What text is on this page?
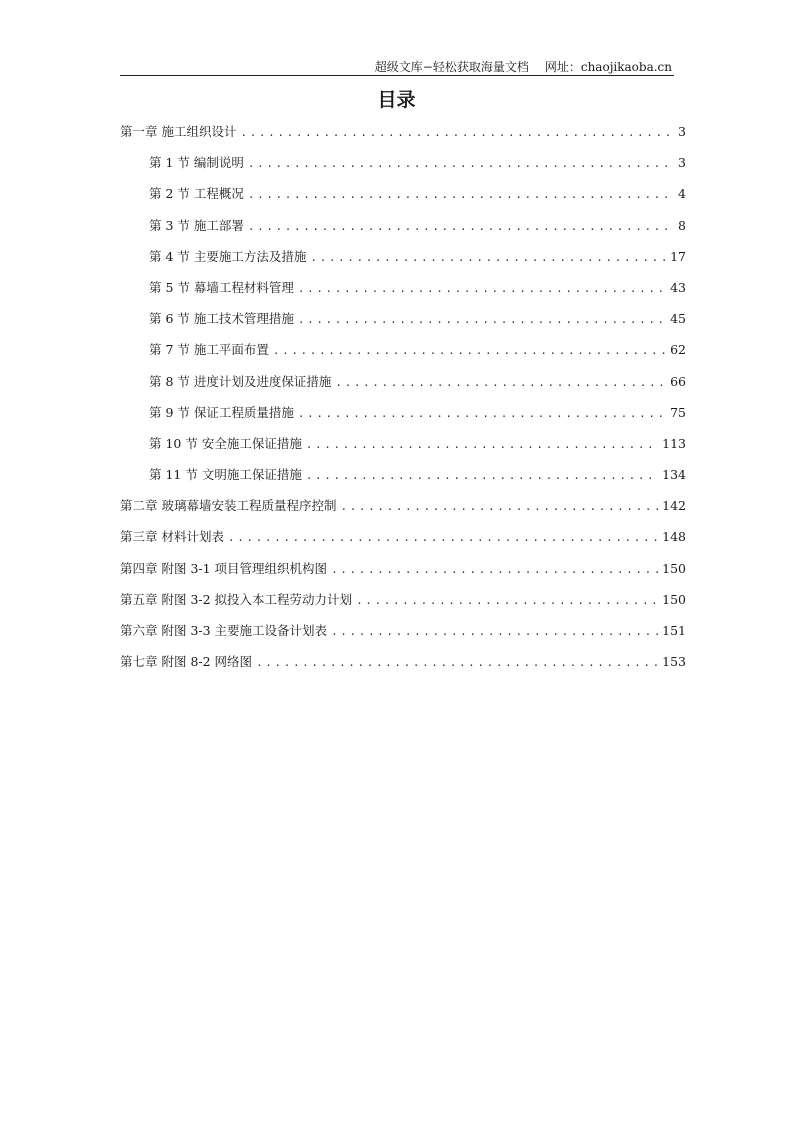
超级文库−轻松获取海量文档 网址：chaojikaoba.cn
目录
第一章 施工组织设计 .....	3
第 1 节 编制说明 .....	3
第 2 节 工程概况 .....	4
第 3 节 施工部署 .....	8
第 4 节 主要施工方法及措施 .....	17
第 5 节 幕墙工程材料管理 .....	43
第 6 节 施工技术管理措施 .....	45
第 7 节 施工平面布置 .....	62
第 8 节 进度计划及进度保证措施 .....	66
第 9 节 保证工程质量措施 .....	75
第 10 节 安全施工保证措施 .....	113
第 11 节 文明施工保证措施 .....	134
第二章 玻璃幕墙安装工程质量程序控制 .....	142
第三章 材料计划表 .....	148
第四章 附图 3-1 项目管理组织机构图 .....	150
第五章 附图 3-2 拟投入本工程劳动力计划 .....	150
第六章 附图 3-3 主要施工设备计划表 .....	151
第七章 附图 8-2 网络图 .....	153
